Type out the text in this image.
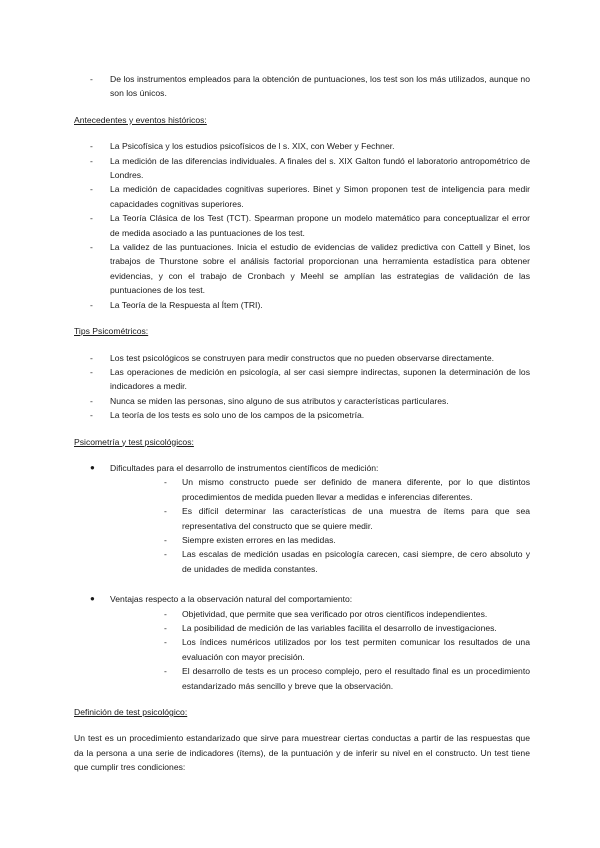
- De los instrumentos empleados para la obtención de puntuaciones, los test son los más utilizados, aunque no son los únicos.
Antecedentes y eventos históricos:
- La Psicofísica y los estudios psicofísicos de l s. XIX, con Weber y Fechner.
- La medición de las diferencias individuales. A finales del s. XIX Galton fundó el laboratorio antropométrico de Londres.
- La medición de capacidades cognitivas superiores. Binet y Simon proponen test de inteligencia para medir capacidades cognitivas superiores.
- La Teoría Clásica de los Test (TCT). Spearman propone un modelo matemático para conceptualizar el error de medida asociado a las puntuaciones de los test.
- La validez de las puntuaciones. Inicia el estudio de evidencias de validez predictiva con Cattell y Binet, los trabajos de Thurstone sobre el análisis factorial proporcionan una herramienta estadística para obtener evidencias, y con el trabajo de Cronbach y Meehl se amplían las estrategias de validación de las puntuaciones de los test.
- La Teoría de la Respuesta al Ítem (TRI).
Tips Psicométricos:
- Los test psicológicos se construyen para medir constructos que no pueden observarse directamente.
- Las operaciones de medición en psicología, al ser casi siempre indirectas, suponen la determinación de los indicadores a medir.
- Nunca se miden las personas, sino alguno de sus atributos y características particulares.
- La teoría de los tests es solo uno de los campos de la psicometría.
Psicometría y test psicológicos:
● Dificultades para el desarrollo de instrumentos científicos de medición:
- Un mismo constructo puede ser definido de manera diferente, por lo que distintos procedimientos de medida pueden llevar a medidas e inferencias diferentes.
- Es difícil determinar las características de una muestra de ítems para que sea representativa del constructo que se quiere medir.
- Siempre existen errores en las medidas.
- Las escalas de medición usadas en psicología carecen, casi siempre, de cero absoluto y de unidades de medida constantes.
● Ventajas respecto a la observación natural del comportamiento:
- Objetividad, que permite que sea verificado por otros científicos independientes.
- La posibilidad de medición de las variables facilita el desarrollo de investigaciones.
- Los índices numéricos utilizados por los test permiten comunicar los resultados de una evaluación con mayor precisión.
- El desarrollo de tests es un proceso complejo, pero el resultado final es un procedimiento estandarizado más sencillo y breve que la observación.
Definición de test psicológico:
Un test es un procedimiento estandarizado que sirve para muestrear ciertas conductas a partir de las respuestas que da la persona a una serie de indicadores (ítems), de la puntuación y de inferir su nivel en el constructo. Un test tiene que cumplir tres condiciones:
